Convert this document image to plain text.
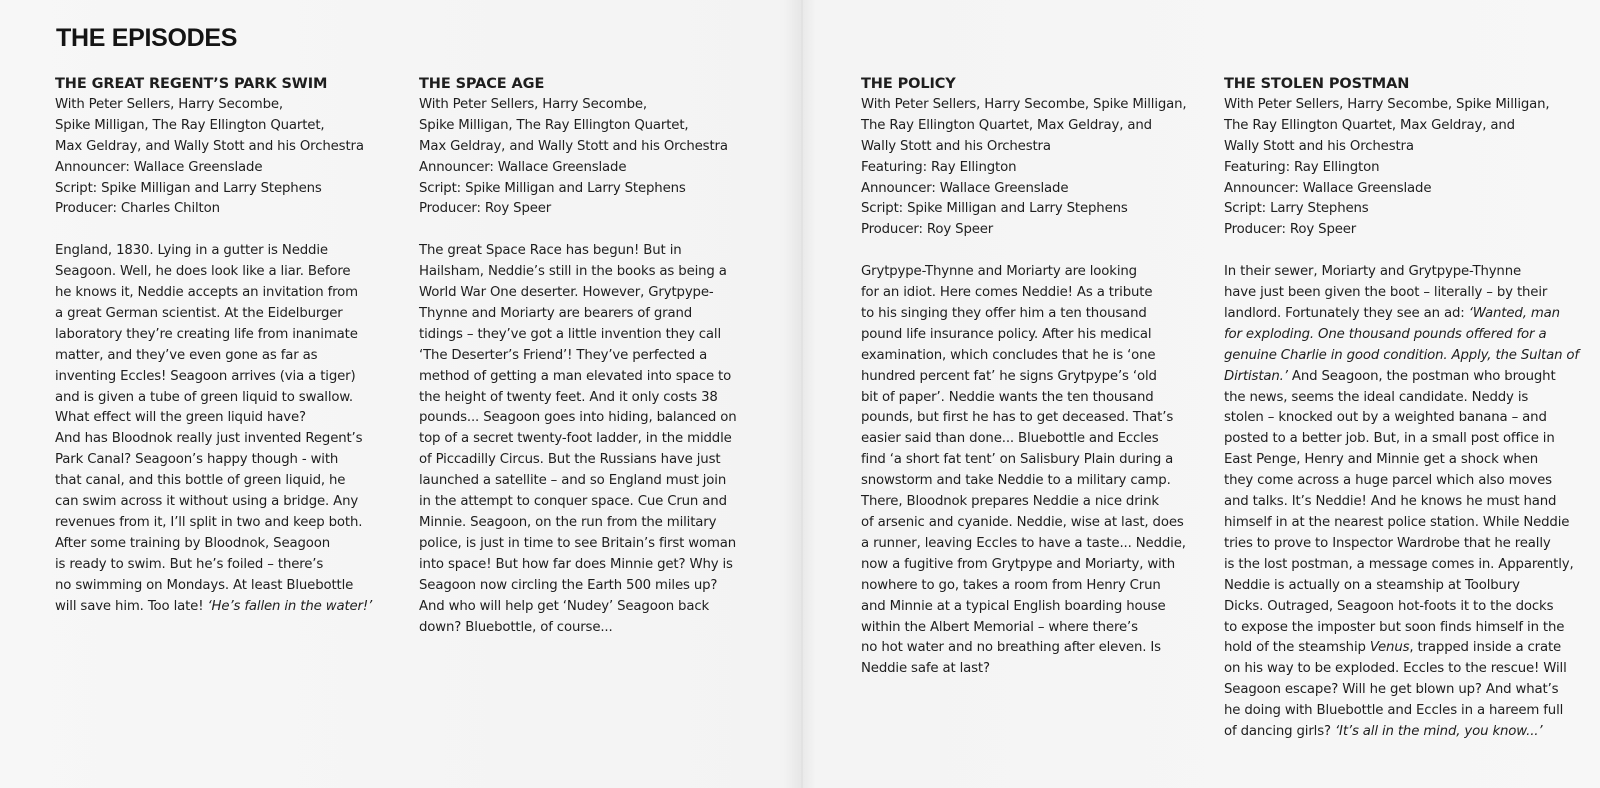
THE EPISODES
THE GREAT REGENT’S PARK SWIM

With Peter Sellers, Harry Secombe,
Spike Milligan, The Ray Ellington Quartet,
Max Geldray, and Wally Stott and his Orchestra
Announcer: Wallace Greenslade
Script: Spike Milligan and Larry Stephens
Producer: Charles Chilton

England, 1830. Lying in a gutter is Neddie
Seagoon. Well, he does look like a liar. Before
he knows it, Neddie accepts an invitation from
a great German scientist. At the Eidelburger
laboratory they’re creating life from inanimate
matter, and they’ve even gone as far as
inventing Eccles! Seagoon arrives (via a tiger)
and is given a tube of green liquid to swallow.
What effect will the green liquid have?
And has Bloodnok really just invented Regent’s
Park Canal? Seagoon’s happy though - with
that canal, and this bottle of green liquid, he
can swim across it without using a bridge. Any
revenues from it, I’ll split in two and keep both.
After some training by Bloodnok, Seagoon
is ready to swim. But he’s foiled – there’s
no swimming on Mondays. At least Bluebottle
will save him. Too late! ‘He’s fallen in the water!’

THE SPACE AGE

With Peter Sellers, Harry Secombe,
Spike Milligan, The Ray Ellington Quartet,
Max Geldray, and Wally Stott and his Orchestra
Announcer: Wallace Greenslade
Script: Spike Milligan and Larry Stephens
Producer: Roy Speer

The great Space Race has begun! But in
Hailsham, Neddie’s still in the books as being a
World War One deserter. However, Grytpype-
Thynne and Moriarty are bearers of grand
tidings – they’ve got a little invention they call
‘The Deserter’s Friend’! They’ve perfected a
method of getting a man elevated into space to
the height of twenty feet. And it only costs 38
pounds... Seagoon goes into hiding, balanced on
top of a secret twenty-foot ladder, in the middle
of Piccadilly Circus. But the Russians have just
launched a satellite – and so England must join
in the attempt to conquer space. Cue Crun and
Minnie. Seagoon, on the run from the military
police, is just in time to see Britain’s first woman
into space! But how far does Minnie get? Why is
Seagoon now circling the Earth 500 miles up?
And who will help get ‘Nudey’ Seagoon back
down? Bluebottle, of course...

THE POLICY

With Peter Sellers, Harry Secombe, Spike Milligan,
The Ray Ellington Quartet, Max Geldray, and
Wally Stott and his Orchestra
Featuring: Ray Ellington
Announcer: Wallace Greenslade
Script: Spike Milligan and Larry Stephens
Producer: Roy Speer

Grytpype-Thynne and Moriarty are looking
for an idiot. Here comes Neddie! As a tribute
to his singing they offer him a ten thousand
pound life insurance policy. After his medical
examination, which concludes that he is ‘one
hundred percent fat’ he signs Grytpype’s ‘old
bit of paper’. Neddie wants the ten thousand
pounds, but first he has to get deceased. That’s
easier said than done... Bluebottle and Eccles
find ‘a short fat tent’ on Salisbury Plain during a
snowstorm and take Neddie to a military camp.
There, Bloodnok prepares Neddie a nice drink
of arsenic and cyanide. Neddie, wise at last, does
a runner, leaving Eccles to have a taste... Neddie,
now a fugitive from Grytpype and Moriarty, with
nowhere to go, takes a room from Henry Crun
and Minnie at a typical English boarding house
within the Albert Memorial – where there’s
no hot water and no breathing after eleven. Is
Neddie safe at last?

THE STOLEN POSTMAN

With Peter Sellers, Harry Secombe, Spike Milligan,
The Ray Ellington Quartet, Max Geldray, and
Wally Stott and his Orchestra
Featuring: Ray Ellington
Announcer: Wallace Greenslade
Script: Larry Stephens
Producer: Roy Speer

In their sewer, Moriarty and Grytpype-Thynne
have just been given the boot – literally – by their
landlord. Fortunately they see an ad: ‘Wanted, man
for exploding. One thousand pounds offered for a
genuine Charlie in good condition. Apply, the Sultan of
Dirtistan.’ And Seagoon, the postman who brought
the news, seems the ideal candidate. Neddy is
stolen – knocked out by a weighted banana – and
posted to a better job. But, in a small post office in
East Penge, Henry and Minnie get a shock when
they come across a huge parcel which also moves
and talks. It’s Neddie! And he knows he must hand
himself in at the nearest police station. While Neddie
tries to prove to Inspector Wardrobe that he really
is the lost postman, a message comes in. Apparently,
Neddie is actually on a steamship at Toolbury
Dicks. Outraged, Seagoon hot-foots it to the docks
to expose the imposter but soon finds himself in the
hold of the steamship Venus, trapped inside a crate
on his way to be exploded. Eccles to the rescue! Will
Seagoon escape? Will he get blown up? And what’s
he doing with Bluebottle and Eccles in a hareem full
of dancing girls? ‘It’s all in the mind, you know...’
